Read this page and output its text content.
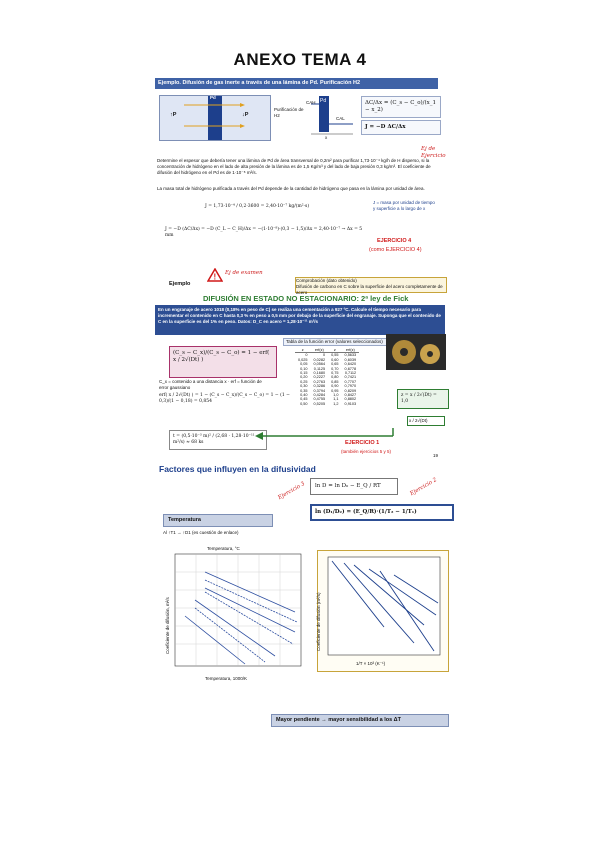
ANEXO TEMA 4
Ejemplo. Difusión de gas inerte a través de una lámina de Pd. Purificación H2
Pd
↑P	↓P
Purificación de H2
Pd
CAH
CAL
x
ΔC/Δx = (C_s − C_o)/(x_1 − x_2)
J = −D ΔC/Δx
Ej de Ejercicio
Determine el espesor que debería tener una lámina de Pd de área transversal de 0,2m² para purificar 1,73·10⁻⁴ kg/h de H disperso, si la concentración de hidrógeno en el lado de alta presión de la lámina es de 1,5 Kg/m³ y del lado de baja presión 0,3 kg/m³. El coeficiente de difusión del hidrógeno en el Pd es de 1·10⁻⁸ m²/s.
La masa total de hidrógeno purificada a través del Pd depende de la cantidad de hidrógeno que pasa en la lámina por unidad de área.
J = 1,73·10⁻⁴ / 0,2·3600 = 2,40·10⁻⁷ kg/(m²·s)
J = −D (ΔC/Δx) = −D (C_L − C_H)/Δx = −(1·10⁻⁸)·(0,3 − 1,5)/Δx = 2,40·10⁻⁷ → Δx = 5 mm
J = masa por unidad de tiempo y superficie a lo largo de x
EJERCICIO 4
(como EJERCICIO 4)
! Ej de examen
Ejemplo
Comprobación (dato obtenido)
Difusión de carbono en C sobre la superficie del acero completamente de acero
DIFUSIÓN EN ESTADO NO ESTACIONARIO: 2ª ley de Fick
En un engranaje de acero 1018 (0,18% en peso de C) se realiza una cementación a 927 ºC. Calcule el tiempo necesario para incrementar el contenido en C hasta 0,3 % en peso a 0,5 mm por debajo de la superficie del engranaje. Suponga que el contenido de C en la superficie es del 1% en peso. Datos: D_C en acero = 1,28·10⁻¹¹ m²/s
(C_s − C_x)/(C_s − C_o) = 1 − erf( x / 2√(Dt) )
C_x = contenido a una distancia x · erf = función de error gaussiano
Tabla de la función error (valores seleccionados)
z	erf(z)	z	erf(z)
0	0	0,55	0,5633
0,025	0,0282	0,60	0,6039
0,05	0,0564	0,65	0,6420
0,10	0,1125	0,70	0,6778
0,15	0,1680	0,75	0,7112
0,20	0,2227	0,80	0,7421
0,25	0,2763	0,85	0,7707
0,30	0,3286	0,90	0,7970
0,35	0,3794	0,95	0,8209
0,40	0,4284	1,0	0,8427
0,45	0,4755	1,1	0,8802
0,50	0,5205	1,2	0,9103
erf( x / 2√(Dt) ) = 1 − (C_s − C_x)/(C_s − C_o) = 1 − (1 − 0,3)/(1 − 0,18) = 0,854
t = (0,5·10⁻³ m)² / (2,68 · 1,28·10⁻¹¹ m²/s) ≈ 68 ks
z = x / 2√(Dt) = 1,0
x / 2√(Dt)
EJERCICIO 1
(también ejercicios 5 y 5)
19
Factores que influyen en la difusividad
Temperatura
Al ↑T1 → ↑D1 (es cuestión de enlace)
ln D = ln D₀ − E_Q / RT
ln (D₁/D₂) = (E_Q/R)·(1/T₂ − 1/T₁)
Ejercicio 3	Ejercicio 2
Temperatura, °C
Temperatura, 1000/K
Coeficiente de difusión, m²/s
1/T × 10³ (K⁻¹)
Coeficiente de difusión (m²/s)
Mayor pendiente → mayor sensibilidad a los ΔT
